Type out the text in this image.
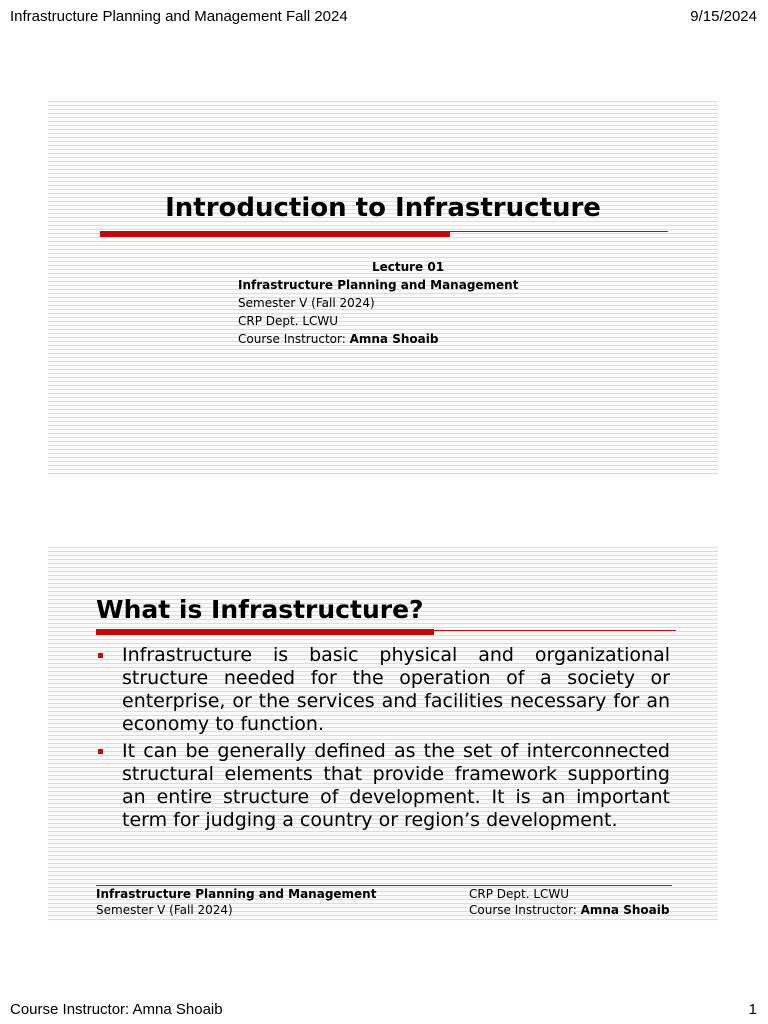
Infrastructure Planning and Management Fall 2024	9/15/2024
Introduction to Infrastructure
Lecture 01
Infrastructure Planning and Management
Semester V (Fall 2024)
CRP Dept. LCWU
Course Instructor: Amna Shoaib
What is Infrastructure?
Infrastructure is basic physical and organizational structure needed for the operation of a society or enterprise, or the services and facilities necessary for an economy to function.
It can be generally defined as the set of interconnected structural elements that provide framework supporting an entire structure of development. It is an important term for judging a country or region’s development.
Infrastructure Planning and Management
Semester V (Fall 2024)
CRP Dept. LCWU
Course Instructor: Amna Shoaib
Course Instructor: Amna Shoaib	1
